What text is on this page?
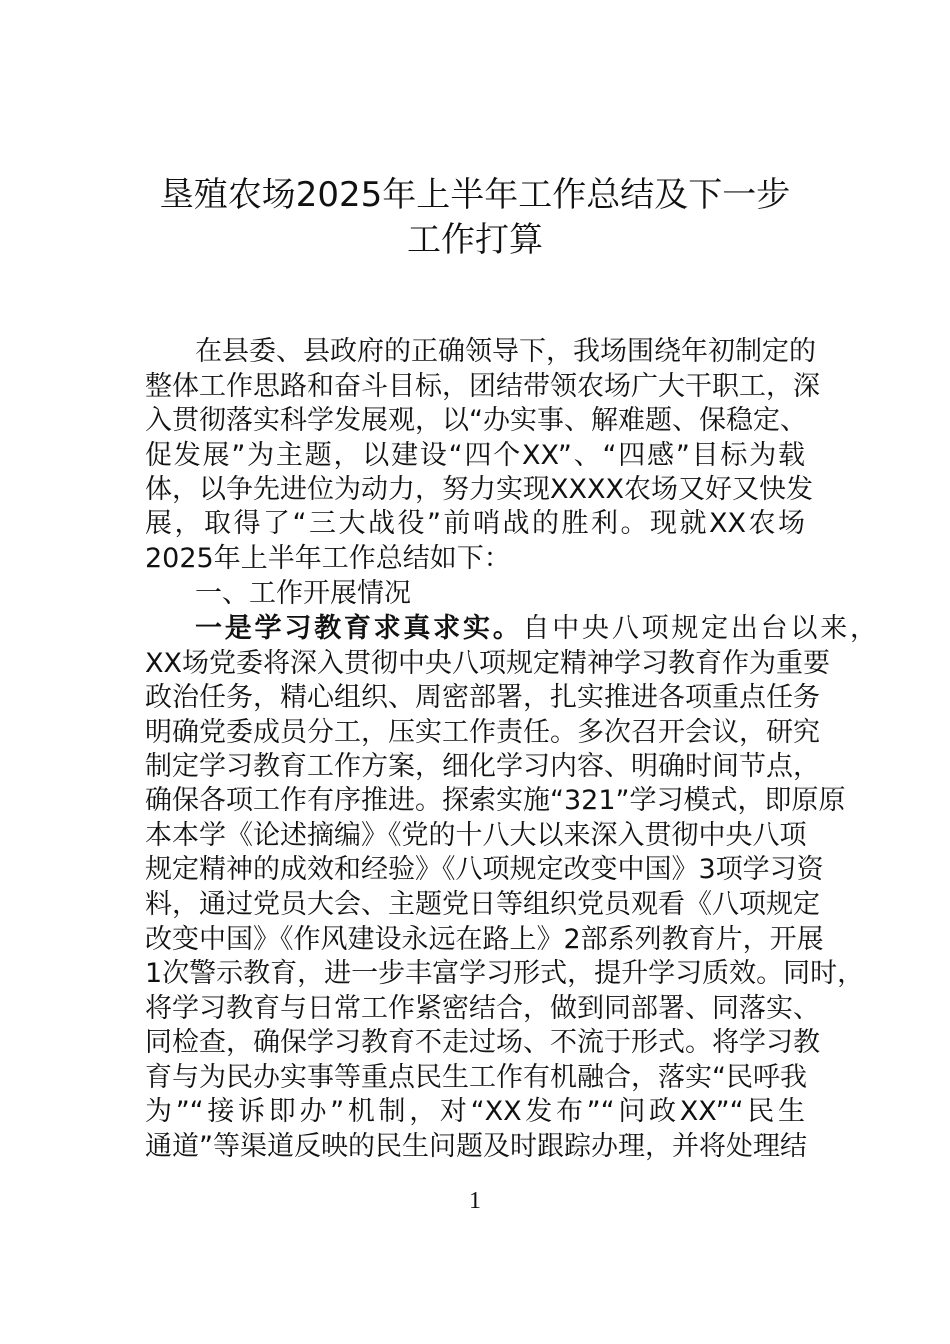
垦殖农场2025年上半年工作总结及下一步
工作打算
在县委、县政府的正确领导下，我场围绕年初制定的
整体工作思路和奋斗目标，团结带领农场广大干职工，深
入贯彻落实科学发展观，以“办实事、解难题、保稳定、
促发展”为主题，以建设“四个XX”、“四感”目标为载
体，以争先进位为动力，努力实现XXXX农场又好又快发
展，取得了“三大战役”前哨战的胜利。现就XX农场
2025年上半年工作总结如下：
一、工作开展情况
一是学习教育求真求实。自中央八项规定出台以来，
XX场党委将深入贯彻中央八项规定精神学习教育作为重要
政治任务，精心组织、周密部署，扎实推进各项重点任务
明确党委成员分工，压实工作责任。多次召开会议，研究
制定学习教育工作方案，细化学习内容、明确时间节点，
确保各项工作有序推进。探索实施“321”学习模式，即原原
本本学《论述摘编》《党的十八大以来深入贯彻中央八项
规定精神的成效和经验》《八项规定改变中国》3项学习资
料，通过党员大会、主题党日等组织党员观看《八项规定
改变中国》《作风建设永远在路上》2部系列教育片，开展
1次警示教育，进一步丰富学习形式，提升学习质效。同时，
将学习教育与日常工作紧密结合，做到同部署、同落实、
同检查，确保学习教育不走过场、不流于形式。将学习教
育与为民办实事等重点民生工作有机融合，落实“民呼我
为”“接诉即办”机制，对“XX发布”“问政XX”“民生
通道”等渠道反映的民生问题及时跟踪办理，并将处理结
1
